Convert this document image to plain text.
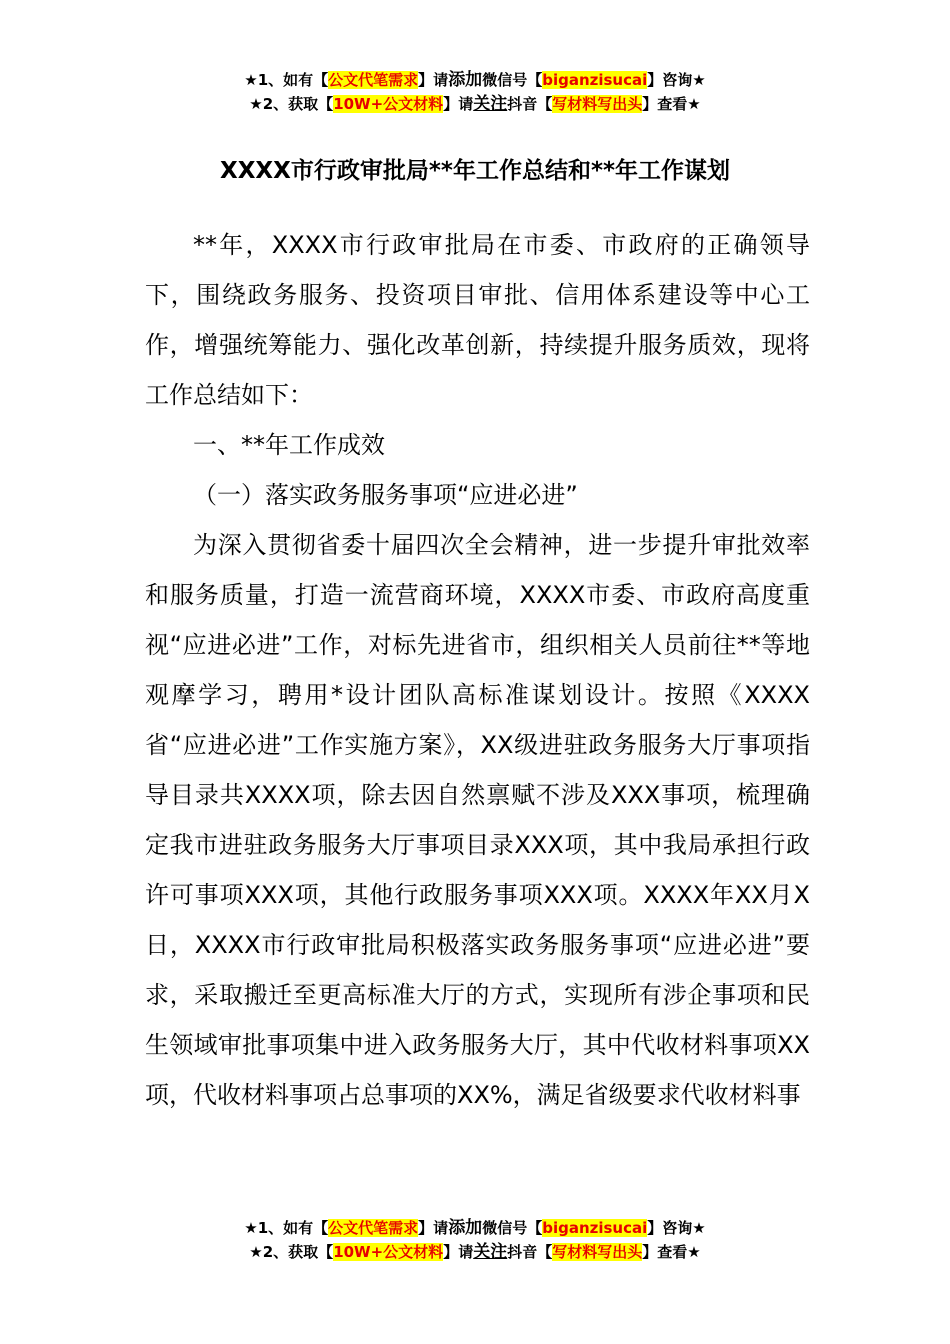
★1、如有【公文代笔需求】请添加微信号【biganzisucai】咨询★
★2、获取【10W+公文材料】请关注抖音【写材料写出头】查看★
XXXX市行政审批局**年工作总结和**年工作谋划

**年，XXXX市行政审批局在市委、市政府的正确领导下，围绕政务服务、投资项目审批、信用体系建设等中心工作，增强统筹能力、强化改革创新，持续提升服务质效，现将工作总结如下：

一、**年工作成效

（一）落实政务服务事项“应进必进”

为深入贯彻省委十届四次全会精神，进一步提升审批效率和服务质量，打造一流营商环境，XXXX市委、市政府高度重视“应进必进”工作，对标先进省市，组织相关人员前往**等地观摩学习，聘用*设计团队高标准谋划设计。按照《XXXX省“应进必进”工作实施方案》，XX级进驻政务服务大厅事项指导目录共XXXX项，除去因自然禀赋不涉及XXX事项，梳理确定我市进驻政务服务大厅事项目录XXX项，其中我局承担行政许可事项XXX项，其他行政服务事项XXX项。XXXX年XX月X日，XXXX市行政审批局积极落实政务服务事项“应进必进”要求，采取搬迁至更高标准大厅的方式，实现所有涉企事项和民生领域审批事项集中进入政务服务大厅，其中代收材料事项XX项，代收材料事项占总事项的XX%，满足省级要求代收材料事

★1、如有【公文代笔需求】请添加微信号【biganzisucai】咨询★
★2、获取【10W+公文材料】请关注抖音【写材料写出头】查看★
